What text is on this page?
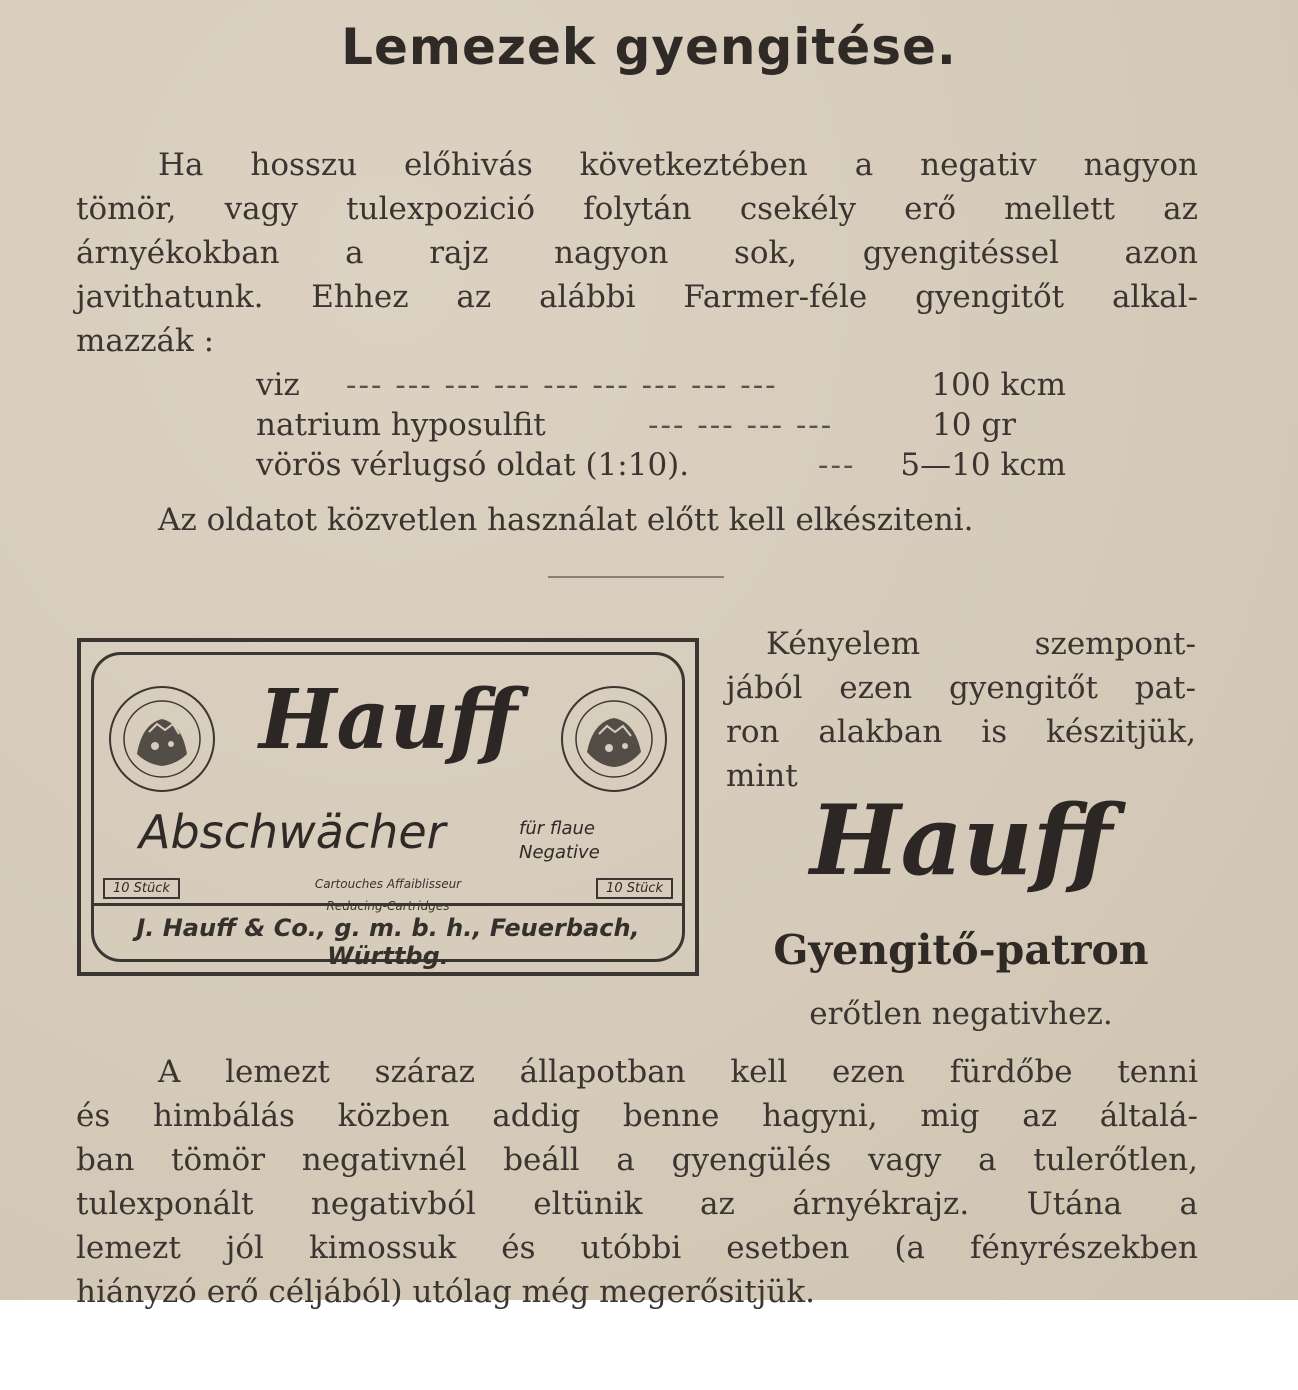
Lemezek gyengitése.
Ha hosszu előhivás következtében a negativ nagyon
tömör, vagy tulexpozició folytán csekély erő mellett az
árnyékokban a rajz nagyon sok, gyengitéssel azon
javithatunk. Ehhez az alábbi Farmer-féle gyengitőt alkal-
mazzák :
viz --- --- --- --- --- --- --- --- ---	100 kcm
natrium hyposulfit	--- --- --- ---	10 gr
vörös vérlugsó oldat (1:10).	--- 5—10 kcm
Az oldatot közvetlen használat előtt kell elkésziteni.
Hauff
Abschwächer	für flaue
Negative
10 Stück	10 Stück
Cartouches Affaiblisseur
Reducing-Cartridges
J. Hauff & Co., g. m. b. h., Feuerbach, Württbg.
Kényelem szempont-
jából ezen gyengitőt pat-
ron alakban is készitjük,
mint
Hauff
Gyengitő-patron
erőtlen negativhez.
A lemezt száraz állapotban kell ezen fürdőbe tenni
és himbálás közben addig benne hagyni, mig az általá-
ban tömör negativnél beáll a gyengülés vagy a tulerőtlen,
tulexponált negativból eltünik az árnyékrajz. Utána a
lemezt jól kimossuk és utóbbi esetben (a fényrészekben
hiányzó erő céljából) utólag még megerősitjük.
